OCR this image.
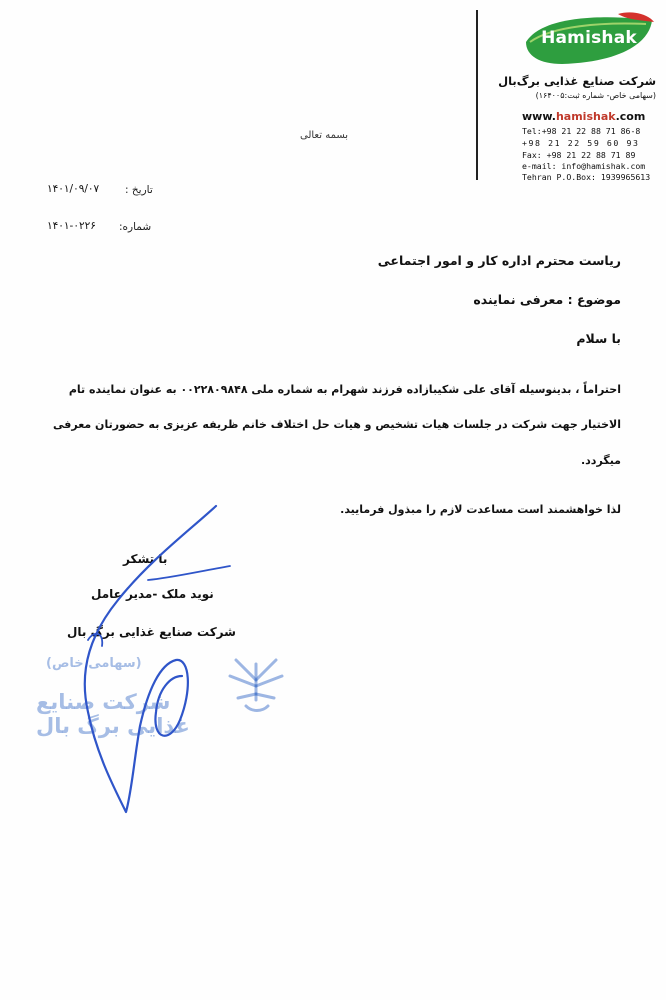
Hamishak
شرکت صنایع غذایی برگ‌بال
(سهامی خاص- شماره ثبت:۱۶۴۰۰۵)
www.hamishak.com
Tel:+98 21 22 88 71 86-8
+98 21 22 59 60 93
Fax: +98 21 22 88 71 89
e-mail: info@hamishak.com
Tehran P.O.Box: 1939965613
بسمه تعالی
تاریخ :
۱۴۰۱/۰۹/۰۷
شماره:
۱۴۰۱-۰۲۲۶
ریاست محترم اداره کار و امور اجتماعی
موضوع : معرفی نماینده
با سلام
احتراماً ، بدینوسیله آقای علی شکیبازاده فرزند شهرام به شماره ملی ۰۰۲۲۸۰۹۸۴۸ به عنوان نماینده تام
الاختیار جهت شرکت در جلسات هیات تشخیص و هیات حل اختلاف خانم ظریفه عزیزی به حضورتان معرفی
میگردد.
لذا خواهشمند است مساعدت لازم را مبذول فرمایید.
با تشکر
نوید ملک -مدیر عامل
شرکت صنایع غذایی برگ بال
(سهامی خاص)
شرکت صنایع غذایی برگ بال
